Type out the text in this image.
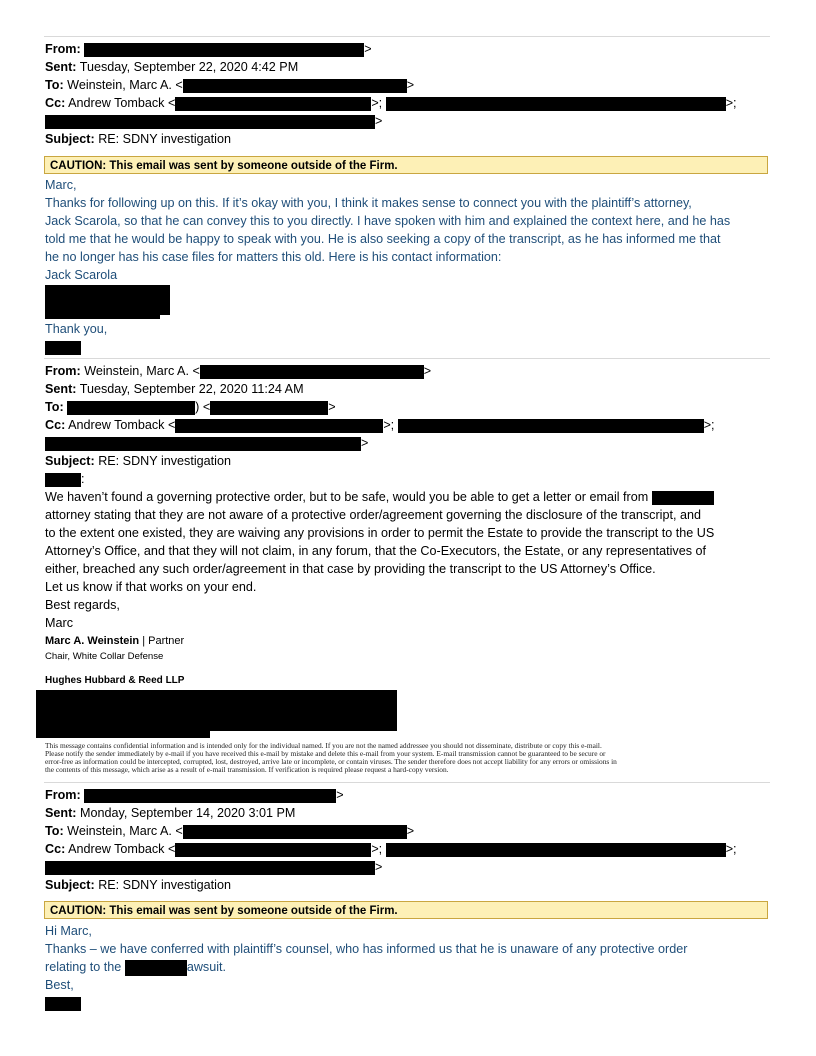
From:	>
Sent: Tuesday, September 22, 2020 4:42 PM
To: Weinstein, Marc A. <	>
Cc: Andrew Tomback <	>;	>;
>
Subject: RE: SDNY investigation
CAUTION: This email was sent by someone outside of the Firm.
Marc,
Thanks for following up on this. If it’s okay with you, I think it makes sense to connect you with the plaintiff’s attorney,
Jack Scarola, so that he can convey this to you directly. I have spoken with him and explained the context here, and he has
told me that he would be happy to speak with you. He is also seeking a copy of the transcript, as he has informed me that
he no longer has his case files for matters this old. Here is his contact information:
Jack Scarola
Thank you,
From: Weinstein, Marc A. <	>
Sent: Tuesday, September 22, 2020 11:24 AM
To:	) <	>
Cc: Andrew Tomback <	>;	>;
>
Subject: RE: SDNY investigation
:
We haven’t found a governing protective order, but to be safe, would you be able to get a letter or email from
attorney stating that they are not aware of a protective order/agreement governing the disclosure of the transcript, and
to the extent one existed, they are waiving any provisions in order to permit the Estate to provide the transcript to the US
Attorney’s Office, and that they will not claim, in any forum, that the Co-Executors, the Estate, or any representatives of
either, breached any such order/agreement in that case by providing the transcript to the US Attorney’s Office.
Let us know if that works on your end.
Best regards,
Marc
Marc A. Weinstein | Partner
Chair, White Collar Defense
Hughes Hubbard & Reed LLP
This message contains confidential information and is intended only for the individual named. If you are not the named addressee you should not disseminate, distribute or copy this e-mail.
Please notify the sender immediately by e-mail if you have received this e-mail by mistake and delete this e-mail from your system. E-mail transmission cannot be guaranteed to be secure or
error-free as information could be intercepted, corrupted, lost, destroyed, arrive late or incomplete, or contain viruses. The sender therefore does not accept liability for any errors or omissions in
the contents of this message, which arise as a result of e-mail transmission. If verification is required please request a hard-copy version.
From:	>
Sent: Monday, September 14, 2020 3:01 PM
To: Weinstein, Marc A. <	>
Cc: Andrew Tomback <	>;	>;
>
Subject: RE: SDNY investigation
CAUTION: This email was sent by someone outside of the Firm.
Hi Marc,
Thanks – we have conferred with plaintiff’s counsel, who has informed us that he is unaware of any protective order
relating to the	awsuit.
Best,
